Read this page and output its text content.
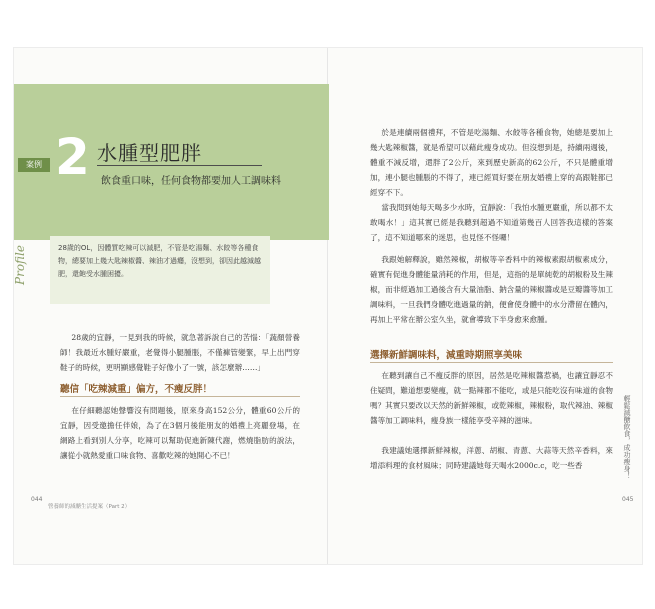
案例 2 水腫型肥胖
飲食重口味，任何食物都要加人工調味料
Profile	28歲的OL，因體質吃辣可以減肥，不管是吃湯麵、水餃等各種食物，總要加上幾大匙辣椒醬、辣油才過癮，沒想到，卻因此越減越肥，還飽受水腫困擾。
28歲的宜靜，一見到我的時候，就急著訴說自己的苦惱：「蔬顏營養師！我最近水腫好嚴重，老覺得小腿腫脹，不僅褲管變緊，早上出門穿鞋子的時候，更明顯感覺鞋子好像小了一號，該怎麼辦……」
聽信「吃辣減重」偏方，不瘦反胖！
在仔細聽認她聲響沒有問題後，原來身高152公分，體重60公斤的宜靜，因受邀擔任伴娘，為了在3個月後能朋友的婚禮上亮麗登場，在網路上看到別人分享，吃辣可以幫助促進新陳代謝，燃燒脂肪的說法，讓從小就熱愛重口味食物、喜歡吃辣的她開心不已！
044
營養師的減醣生活提案（Part 2）
於是連續兩個禮拜，不管是吃湯麵、水餃等各種食物，她總是要加上幾大匙辣椒醬，就是希望可以藉此瘦身成功。但沒想到是，持續兩週後，體重不減反增，還胖了2公斤，來到歷史新高的62公斤，不只是體重增加，連小腿也腫脹的不得了，連已經買好要在朋友婚禮上穿的高跟鞋都已經穿不下。
當我問到她每天喝多少水時，宜靜說：「我怕水腫更嚴重，所以都不太敢喝水！」這其實已經是我聽到超過不知道第幾百人回答我這樣的答案了，這不知道哪來的迷思，也見怪不怪囉！
我跟她解釋說，雖然辣椒，胡椒等辛香料中的辣椒素跟胡椒素成分，確實有促進身體能量消耗的作用，但是，這指的是單純乾的胡椒粉及生辣椒，而非經過加工過後含有大量油脂、鈉含量的辣椒醬或是豆瓣醬等加工調味料，一旦我們身體吃進過量的鈉，便會使身體中的水分滯留在體內，再加上平常在辦公室久坐，就會導致下半身愈來愈腫。
選擇新鮮調味料，減重時期照享美味
在聽到讓自己不瘦反胖的原因，居然是吃辣椒醬惹禍，也讓宜靜忍不住疑問，難道想要變瘦，就一點辣都不能吃，或是只能吃沒有味道的食物嗎？其實只要改以天然的新鮮辣椒，或乾辣椒，辣椒粉，取代辣油、辣椒醬等加工調味料，瘦身族一樣能享受辛辣的滋味。
我建議她選擇新鮮辣椒，洋蔥、胡椒、青蔥、大蒜等天然辛香料，來增添料理的食材風味；同時建議她每天喝水2000c.c，吃一些香	輕鬆減醣飲食，成功瘦身！
045
